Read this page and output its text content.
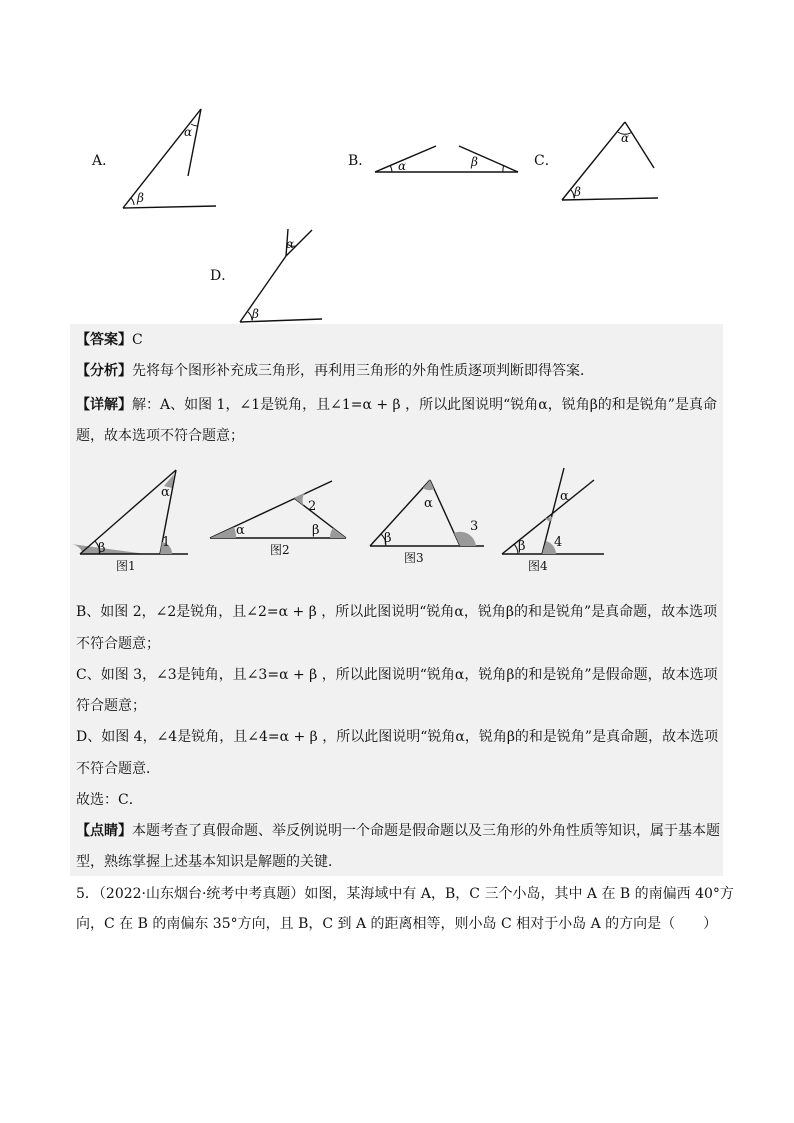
A．
α
β
B． α	β	C．
α
β
D．
α
β
【答案】C
【分析】先将每个图形补充成三角形，再利用三角形的外角性质逐项判断即得答案．
【详解】解：A、如图 1，∠1是锐角，且∠1=α + β ，所以此图说明“锐角α，锐角β的和是锐角”是真命
题，故本选项不符合题意；
α
β	1
图1
α	β
2
图2
α
β
3
图3
α
β 4
图4
B、如图 2，∠2是锐角，且∠2=α + β ，所以此图说明“锐角α，锐角β的和是锐角”是真命题，故本选项
不符合题意；
C、如图 3，∠3是钝角，且∠3=α + β ，所以此图说明“锐角α，锐角β的和是锐角”是假命题，故本选项
符合题意；
D、如图 4，∠4是锐角，且∠4=α + β ，所以此图说明“锐角α，锐角β的和是锐角”是真命题，故本选项
不符合题意．
故选：C．
【点睛】本题考查了真假命题、举反例说明一个命题是假命题以及三角形的外角性质等知识，属于基本题
型，熟练掌握上述基本知识是解题的关键．
5．（2022·山东烟台·统考中考真题）如图，某海域中有 A，B，C 三个小岛，其中 A 在 B 的南偏西 40°方
向，C 在 B 的南偏东 35°方向，且 B，C 到 A 的距离相等，则小岛 C 相对于小岛 A 的方向是（　　）
